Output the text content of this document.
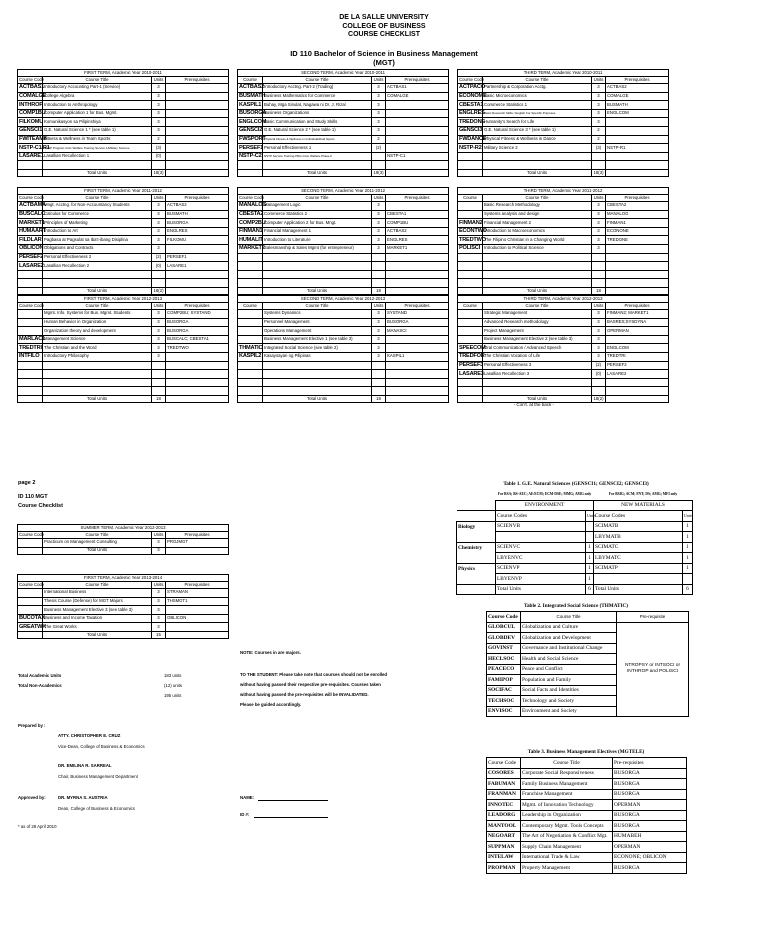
DE LA SALLE UNIVERSITY
COLLEGE OF BUSINESS
COURSE CHECKLIST
ID 110 Bachelor of Science in Business Management
(MGT)
FIRST TERM, Academic Year 2010-2011			
Course Code	Course Title	Units	Prerequisites
ACTBAS1	Introductory Accounting Part-1 (Service)	3	
COMALGE	College Algebra	3	
INTHROP	Introduction to Anthropology	3	
COMP1BU	Computer Application 1 for Bus. Mgmt.	3	
FILKOMU	Komunikasyon sa Pilipinshiya	3	
GENSCI1	G.E. Natural Science 1 * (see table 1)	3	
FWITEAM8	Fitness & Wellness in Team Sports	2	
NSTP-C1/R1	NSTP Program Civic Welfare Training Service 1/Military Science	(3)	
LASARE1	Lasallian Recollection 1	(0)	

	Total Units	18(3)	
SECOND TERM, Academic Year 2010-2011			
Course	Course Title	Units	Prerequisites
ACTBAS2	Introductory Acctng. Part-2 (Trading)	3	ACTBAS1
BUSMATH	Business Mathematics for Commerce	3	COMALGE
KASPIL1	Buhay, Mga Sinulat, Nagawa ni Dr. J. Rizal	3	
BUSORGA	Business Organizations	3	
ENGLCOM	Basic Communication and Study Skills	3	
GENSCI2	G.E. Natural Science 2 * (see table 1)	3	
FWSPORT	Physical Fitness & Wellness in Individual/Dual Sports	2	
PERSEF1	Personal Effectiveness 1	(2)	
NSTP-C2	NSTP Service Training PRG-Civic Welfare Phase II		NSTP-C1

	Total Units	19(3)	
THIRD TERM, Academic Year 2010-2011			
Course Code	Course Title	Units	Prerequisites
ACTPACO	Partnership & Corporation Acctg.	3	ACTBAS2
ECONOME	Basic Microeconomics	3	COMALGE
CBESTA1	Commerce Statistics 1	3	BUSMATH
ENGLRES	Basic Research Skills / English For Specific Purposes	3	ENGLCOM
TREDONE	Humanity's Search for Life	3	
GENSCI3	G.E. Natural Science 3 * (see table 1)	2	
FWDANCE	Physical Fitness & Wellness in Dance	2	
NSTP-R2	Military Science 2	(3)	NSTP-R1

	Total Units	18(3)	
FIRST TERM, Academic Year 2011-2012			
Course Code	Course Title	Units	Prerequisites
ACTBAMA	Mngt. Acctng. for Non-Accountancy Students	3	ACTBAS2
BUSCALC	Calculus for Commerce	3	BUSMATH
MARKET1	Principles of Marketing	3	BUSORGA
HUMAART	Introduction to Art	3	ENGLRES
FILDLAR	Pagbasa at Pagsulat sa Iba't-ibang Disiplina	3	FILKOMU
OBLICON	Obligations and Contracts	3	
PERSEF2	Personal Effectiveness 2	(2)	PERSEF1
LASARE2	Lasallian Recollection 2	(0)	LASARE1

	Total Units	18(2)	
SECOND TERM, Academic Year 2011-2012			
Course Code	Course Title	Units	Prerequisites
MANALOG	Management Logic	3	
CBESTA2	Commerce Statistics 2	3	CBESTA1
COMP2BU	Computer Application 2 for Bus. Mngt.	3	COMP1BU
FINMAN1	Financial Management 1	3	ACTBAS2
HUMALIT	Introduction to Literature	3	ENGLRES
MARKET2	Salesmanship & Sales Mgmt (for entrepreneur)	3	MARKET1

	Total Units	18	
THIRD TERM, Academic Year 2011-2012			
Course	Course Title	Units	Prerequisites
	Basic Research Methodology	3	CBESTA2
	Systems analysis and design	3	MANALOG
FINMAN2	Financial Management 2	3	FINMAN1
ECONTWO	Introduction to Macroeconomics	3	ECONONE
TREDTWO	The Filipino Christian in a Changing World	3	TREDONE
POLISCI	Introduction to Political Science	3	

	Total Units	18	
FIRST TERM, Academic Year 2012-2013			
Course Code	Course Title	Units	Prerequisites
	Mgmt. Info. Systems for Bus. Mgmt. Students	3	COMP2BU; SYSTAND
	Human Behavior in Organization	3	BUSORGA
	Organization theory and development	3	BUSORGA
MARLAC1	Management Science	3	BUSCALC; CBESTA1
TREDTRI	The Christian and the Word	3	TREDTWO
INTFILO	Introductory Philosophy	3	

	Total Units	18	
SECOND TERM, Academic Year 2012-2013			
Course	Course Title	Units	Prerequisites
	Systems Dynamics	3	SYSTAND
	Personnel Management	3	BUSORGA
	Operations Management	3	MANASCI
	Business Management Elective 1 (see table 3)	3	
THMATIC	Integrated Social Science (see table 2)	3	
KASPIL2	Kasaysayan ng Pilipinas	3	KASPIL1

	Total Units	18	
THIRD TERM, Academic Year 2012-2013			
Course	Course Title	Units	Prerequisites
	Strategic Management	3	FINMAN2; MARKET1
	Advanced Research methodology	3	BASRES;SYSDYNA
	Project Management	3	OPERMAN
	Business Management Elective 2 (see table 3)	3	
SPEECOM	Oral Communication / Advanced Speech	3	ENGLCOM
TREDFOR	The Christian Vocation of Life	3	TREDTRI
PERSEF3	Personal Effectiveness 3	(2)	PERSEF2
LASARE3	Lasallian Recollection 3	(0)	LASARE2

	Total Units	18(2)	
- Con't. at the back -
page 2
ID 110 MGT
Course Checklist
SUMMER TERM, Academic Year 2012-2013			
Course Code	Course Title	Units	Prerequisites
	Practicum on Management Consulting	3	PROJMGT
	Total Units	3	
FIRST TERM, Academic Year 2013-2014			
Course Code	Course Title	Units	Prerequisites
	International Business	3	STRAMAN
	Thesis Course (Defense) for MGT Majors	3	THSMGT1
	Business Management Elective 3 (see table 3)	3	
BUCOTAX	Business and Income Taxation	3	OBLICON
GREATWK	The Great Works	3	
	Total Units	15	
Total Academic Units	183 units
Total Non-Academics	(12) units
195 units
NOTE: Courses in are majors.
TO THE STUDENT: Please take note that courses should not be enrolled
without having passed their respective pre-requisites. Courses taken
without having passed the pre-requisites will be INVALIDATED.
Please be guided accordingly.
Prepared by :
ATTY. CHRISTOPHER E. CRUZ
Vice-Dean, College of Business & Economics
DR. EMILINA R. SARREAL
Chair, Business Management Department
Approved by:	DR. MYRNA S. AUSTRIA
Dean, College of Business & Economics
* as of 28 April 2010
NAME:
ID #:
Table 1. G.E. Natural Sciences (GENSCI1; GENSCI2; GENSCI3)
	For BSA; BS-AEC; AE/ECM; ECM-DSE; MMG; AMG only		For BSIG; ACM; FNT; DS; AMG; MFI only	
	ENVIRONMENT		NEW MATERIALS	
	Course Codes	Units	Course Codes	Units
Biology	SCIENVB		SCIMATB	1
			LBYMATB	1
Chemistry	SCIENVC	1	SCIMATC	1
	LBYENVC	1	LBYMATC	1
Physics	SCIENVP	1	SCIMATP	1
	LBYENVP	1		
	Total Units	6	Total Units	6
Table 2. Integrated Social Science (THMATIC)
Course Code	Course Title	Pre-requisite
GLOBCUL	Globalization and Culture	NTROPSY or INTSOCI or INTHROP and POLISCI
GLOBDEV	Globalization and Development	
GOVINST	Governance and Institutional Change	
HECLSOC	Health and Social Science	
PEACECO	Peace and Conflict	
FAMIPOP	Population and Family	
SOCIFAC	Social Facts and Identities	
TECHSOC	Technology and Society	
ENVISOC	Environment and Society	
Table 3. Business Management Electives (MGTELE)
Course Code	Course Title	Pre-requisites
COSORES	Corporate Social Responsiveness	BUSORGA
FABUMAN	Family Business Management	BUSORGA
FRANMAN	Franchise Management	BUSORGA
INNOTEC	Mgmt. of Innovation Technology	OPERMAN
LEADORG	Leadership in Organization	BUSORGA
MANTOOL	Contemporary Mgmt. Tools Concepts	BUSORGA
NEGOART	The Art of Negotiation & Conflict Mgt.	HUMABEH
SUPPMAN	Supply Chain Management	OPERMAN
INTELAW	International Trade & Law	ECONONE; OBLICON
PROPMAN	Property Management	BUSORGA
